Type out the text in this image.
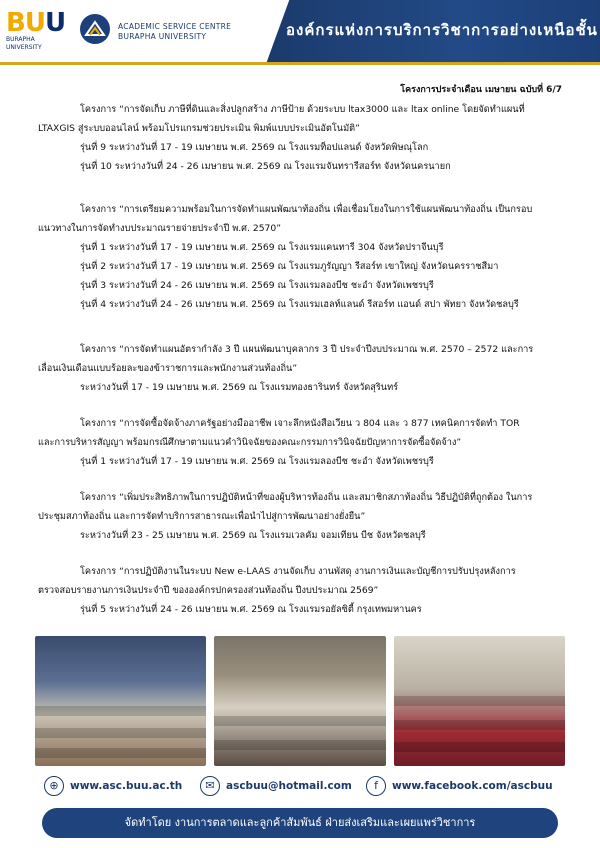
BUU
BURAPHA UNIVERSITY
ACADEMIC SERVICE CENTRE
BURAPHA UNIVERSITY	องค์กรแห่งการบริการวิชาการอย่างเหนือชั้น
โครงการประจำเดือน เมษายน ฉบับที่ 6/7
โครงการ “การจัดเก็บ ภาษีที่ดินและสิ่งปลูกสร้าง ภาษีป้าย ด้วยระบบ ltax3000 และ ltax online โดยจัดทำแผนที่
LTAXGIS สู่ระบบออนไลน์ พร้อมโปรแกรมช่วยประเมิน พิมพ์แบบประเมินอัตโนมัติ”
รุ่นที่ 9 ระหว่างวันที่ 17 - 19 เมษายน พ.ศ. 2569 ณ โรงแรมท็อปแลนด์ จังหวัดพิษณุโลก
รุ่นที่ 10 ระหว่างวันที่ 24 - 26 เมษายน พ.ศ. 2569 ณ โรงแรมจันทรารีสอร์ท จังหวัดนครนายก
โครงการ “การเตรียมความพร้อมในการจัดทำแผนพัฒนาท้องถิ่น เพื่อเชื่อมโยงในการใช้แผนพัฒนาท้องถิ่น เป็นกรอบ
แนวทางในการจัดทำงบประมาณรายจ่ายประจำปี พ.ศ. 2570”
รุ่นที่ 1 ระหว่างวันที่ 17 - 19 เมษายน พ.ศ. 2569 ณ โรงแรมแคนทารี 304 จังหวัดปราจีนบุรี
รุ่นที่ 2 ระหว่างวันที่ 17 - 19 เมษายน พ.ศ. 2569 ณ โรงแรมภูรัญญา รีสอร์ท เขาใหญ่ จังหวัดนครราชสีมา
รุ่นที่ 3 ระหว่างวันที่ 24 - 26 เมษายน พ.ศ. 2569 ณ โรงแรมลองบีช ชะอำ จังหวัดเพชรบุรี
รุ่นที่ 4 ระหว่างวันที่ 24 - 26 เมษายน พ.ศ. 2569 ณ โรงแรมเฮลท์แลนด์ รีสอร์ท แอนด์ สปา พัทยา จังหวัดชลบุรี
โครงการ “การจัดทำแผนอัตรากำลัง 3 ปี แผนพัฒนาบุคลากร 3 ปี ประจำปีงบประมาณ พ.ศ. 2570 – 2572 และการ
เลื่อนเงินเดือนแบบร้อยละของข้าราชการและพนักงานส่วนท้องถิ่น”
ระหว่างวันที่ 17 - 19 เมษายน พ.ศ. 2569 ณ โรงแรมทองธารินทร์ จังหวัดสุรินทร์
โครงการ “การจัดซื้อจัดจ้างภาครัฐอย่างมืออาชีพ เจาะลึกหนังสือเวียน ว 804 และ ว 877 เทคนิคการจัดทำ TOR
และการบริหารสัญญา พร้อมกรณีศึกษาตามแนวคำวินิจฉัยของคณะกรรมการวินิจฉัยปัญหาการจัดซื้อจัดจ้าง”
รุ่นที่ 1 ระหว่างวันที่ 17 - 19 เมษายน พ.ศ. 2569 ณ โรงแรมลองบีช ชะอำ จังหวัดเพชรบุรี
โครงการ “เพิ่มประสิทธิภาพในการปฏิบัติหน้าที่ของผู้บริหารท้องถิ่น และสมาชิกสภาท้องถิ่น วิธีปฏิบัติที่ถูกต้อง ในการ
ประชุมสภาท้องถิ่น และการจัดทำบริการสาธารณะเพื่อนำไปสู่การพัฒนาอย่างยั่งยืน”
ระหว่างวันที่ 23 - 25 เมษายน พ.ศ. 2569 ณ โรงแรมเวลคัม จอมเทียน บีช จังหวัดชลบุรี
โครงการ “การปฏิบัติงานในระบบ New e-LAAS งานจัดเก็บ งานพัสดุ งานการเงินและบัญชีการปรับปรุงหลังการ
ตรวจสอบรายงานการเงินประจำปี ขององค์กรปกครองส่วนท้องถิ่น ปีงบประมาณ 2569”
รุ่นที่ 5 ระหว่างวันที่ 24 - 26 เมษายน พ.ศ. 2569 ณ โรงแรมรอยัลซิตี้ กรุงเทพมหานคร
⊕	www.asc.buu.ac.th	✉	ascbuu@hotmail.com	f	www.facebook.com/ascbuu
จัดทำโดย งานการตลาดและลูกค้าสัมพันธ์ ฝ่ายส่งเสริมและเผยแพร่วิชาการ
